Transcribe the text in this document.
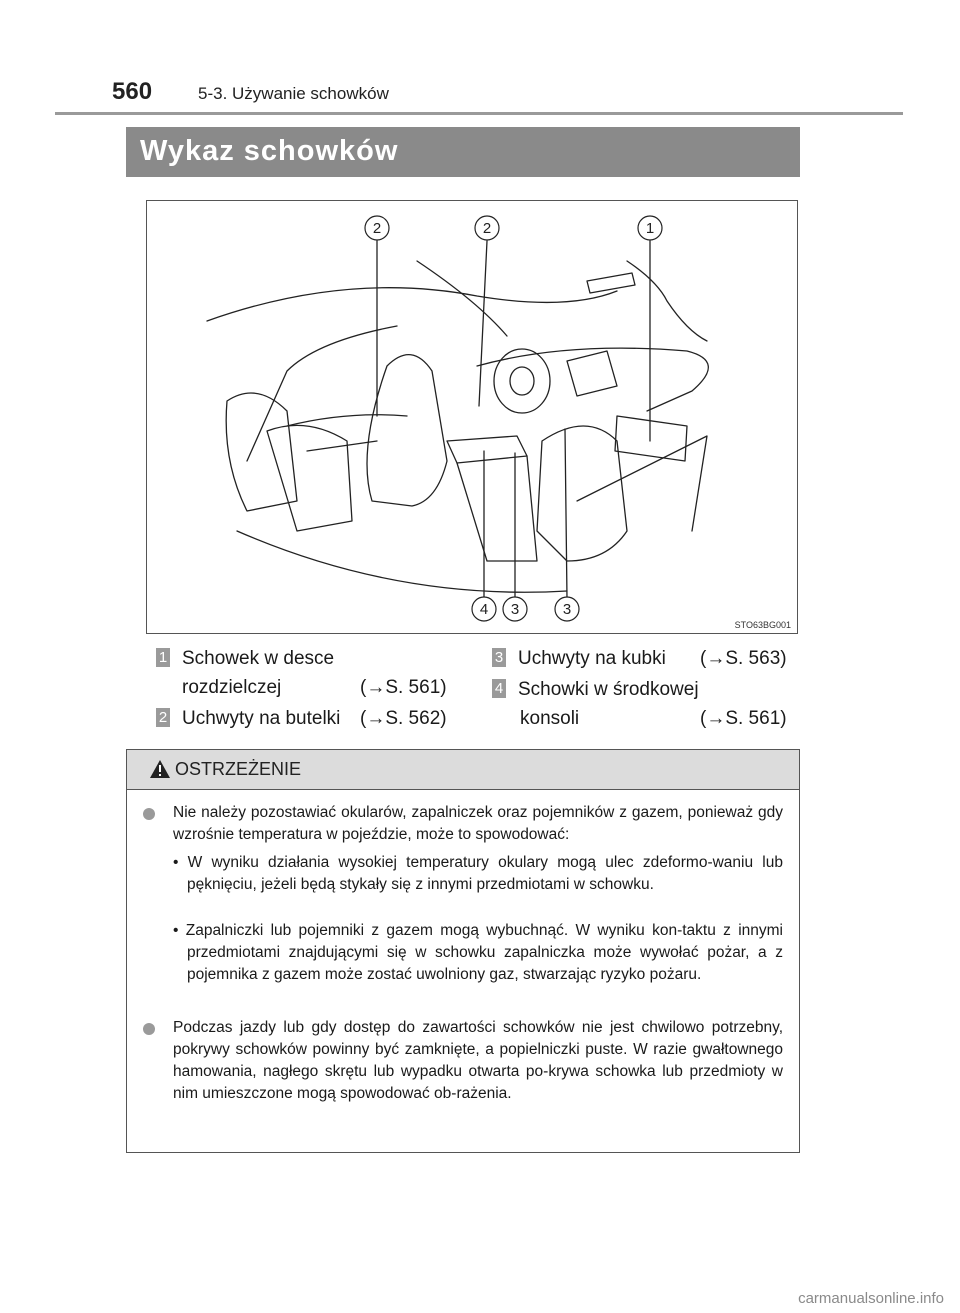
560	5-3. Używanie schowków
Wykaz schowków
2	2	1
4 3	3
STO63BG001
1 Schowek w desce
rozdzielczej	(→S. 561)
2 Uchwyty na butelki (→S. 562)
3 Uchwyty na kubki (→S. 563)
4 Schowki w środkowej
konsoli	(→S. 561)
OSTRZEŻENIE
Nie należy pozostawiać okularów, zapalniczek oraz pojemników z gazem, ponieważ gdy wzrośnie temperatura w pojeździe, może to spowodować:
• W wyniku działania wysokiej temperatury okulary mogą ulec zdeformo-waniu lub pęknięciu, jeżeli będą stykały się z innymi przedmiotami w schowku.
• Zapalniczki lub pojemniki z gazem mogą wybuchnąć. W wyniku kon-taktu z innymi przedmiotami znajdującymi się w schowku zapalniczka może wywołać pożar, a z pojemnika z gazem może zostać uwolniony gaz, stwarzając ryzyko pożaru.
Podczas jazdy lub gdy dostęp do zawartości schowków nie jest chwilowo potrzebny, pokrywy schowków powinny być zamknięte, a popielniczki puste. W razie gwałtownego hamowania, nagłego skrętu lub wypadku otwarta po-krywa schowka lub przedmioty w nim umieszczone mogą spowodować ob-rażenia.
carmanualsonline.info
